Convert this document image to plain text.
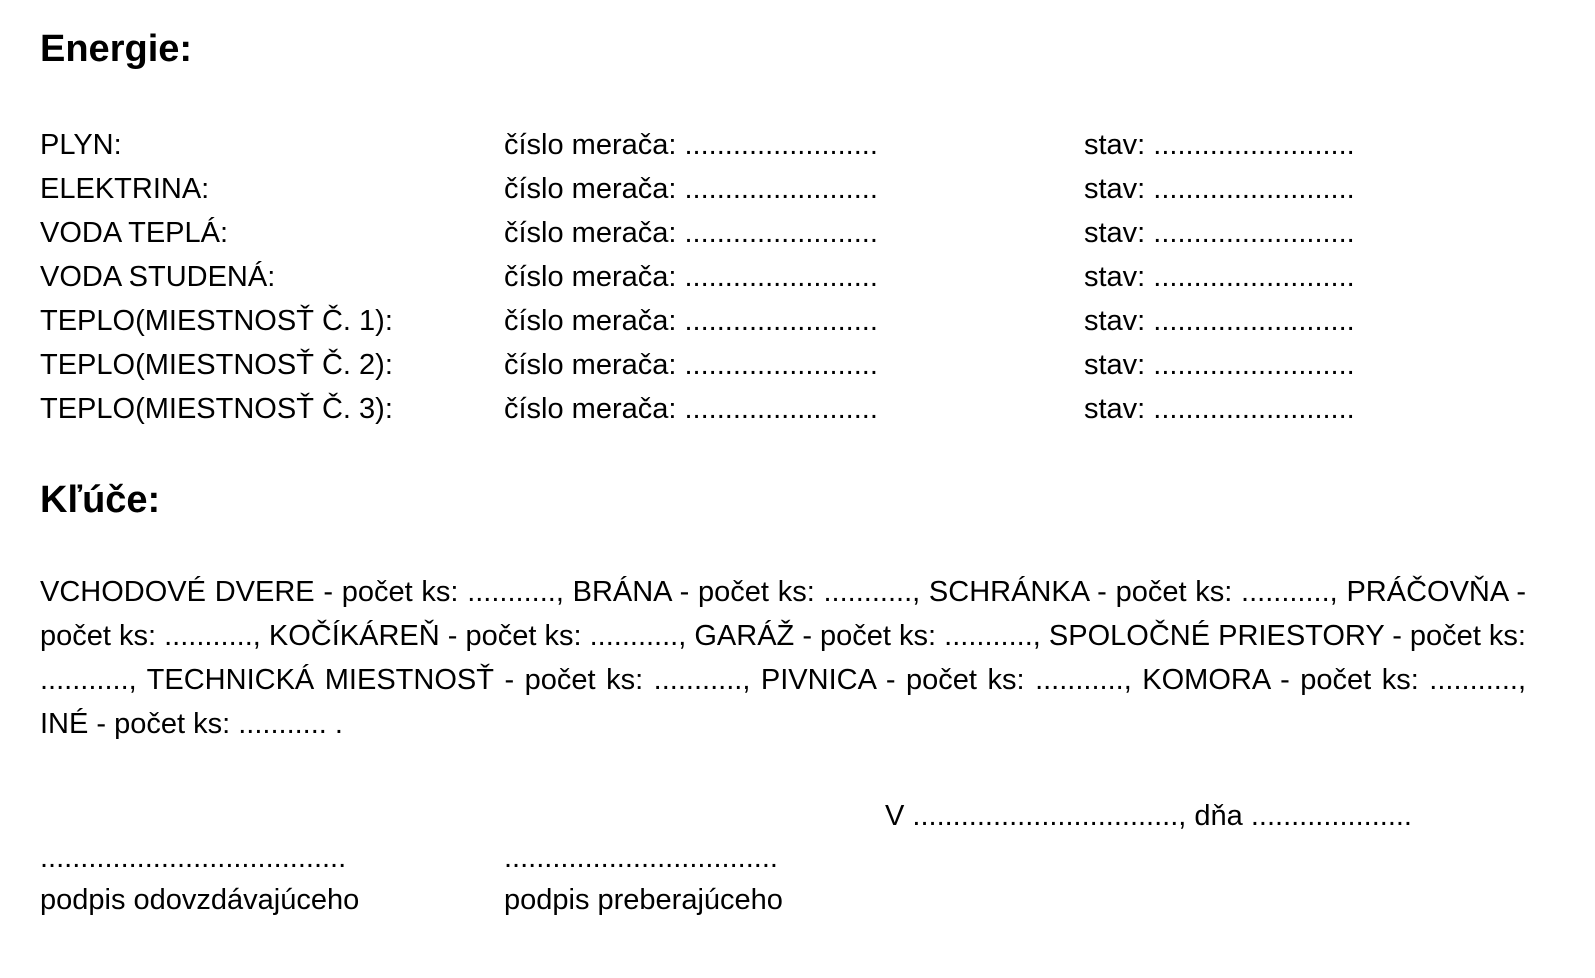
Energie:
PLYN:	číslo merača: ........................	stav: .........................
ELEKTRINA:	číslo merača: ........................	stav: .........................
VODA TEPLÁ:	číslo merača: ........................	stav: .........................
VODA STUDENÁ:	číslo merača: ........................	stav: .........................
TEPLO(MIESTNOSŤ Č. 1):	číslo merača: ........................	stav: .........................
TEPLO(MIESTNOSŤ Č. 2):	číslo merača: ........................	stav: .........................
TEPLO(MIESTNOSŤ Č. 3):	číslo merača: ........................	stav: .........................
Kľúče:

VCHODOVÉ DVERE - počet ks: ..........., BRÁNA - počet ks: ..........., SCHRÁNKA - počet ks: ..........., PRÁČOVŇA - počet ks: ..........., KOČÍKÁREŇ - počet ks: ..........., GARÁŽ - počet ks: ..........., SPOLOČNÉ PRIESTORY - počet ks: ..........., TECHNICKÁ MIESTNOSŤ - počet ks: ..........., PIVNICA - počet ks: ..........., KOMORA - počet ks: ..........., INÉ - počet ks: ........... .

V ................................., dňa ....................
......................................
podpis odovzdávajúceho
..................................
podpis preberajúceho
